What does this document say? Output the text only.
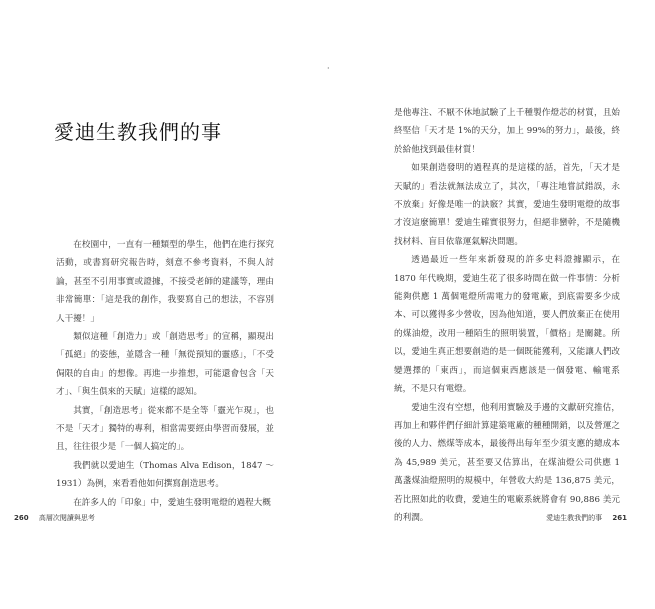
·
愛迪生教我們的事

在校園中，一直有一種類型的學生，他們在進行探究活動，或書寫研究報告時，刻意不參考資料，不與人討論，甚至不引用事實或證據，不接受老師的建議等，理由非常簡單：「這是我的創作，我要寫自己的想法，不容別人干擾！」

類似這種「創造力」或「創造思考」的宣稱，顯現出「孤絕」的姿態，並隱含一種「無從預知的靈感」，「不受侷限的自由」的想像。再進一步推想，可能還會包含「天才」、「與生俱來的天賦」這樣的認知。

其實，「創造思考」從來都不是全等「靈光乍現」，也不是「天才」獨特的專利，相當需要經由學習而發展，並且，往往很少是「一個人搞定的」。

我們就以愛迪生（Thomas Alva Edison，1847 ～ 1931）為例，來看看他如何撰寫創造思考。

在許多人的「印象」中，愛迪生發明電燈的過程大概

260 高層次閱讀與思考

是他專注、不厭不休地試驗了上千種製作燈芯的材質，且始終堅信「天才是 1%的天分，加上 99%的努力」，最後，終於給他找到最佳材質！

如果創造發明的過程真的是這樣的話，首先，「天才是天賦的」看法就無法成立了，其次，「專注地嘗試錯誤，永不放棄」好像是唯一的訣竅？其實，愛迪生發明電燈的故事才沒這麼簡單！愛迪生確實很努力，但絕非蠻幹，不是隨機找材料、盲目依靠運氣解決問題。

透過最近一些年來新發現的許多史料證據顯示，在 1870 年代晚期，愛迪生花了很多時間在做一件事情：分析能夠供應 1 萬個電燈所需電力的發電廠，到底需要多少成本、可以獲得多少營收，因為他知道，要人們放棄正在使用的煤油燈，改用一種陌生的照明裝置，「價格」是關鍵。所以，愛迪生真正想要創造的是一個既能獲利，又能讓人們改變選擇的「東西」，而這個東西應該是一個發電、輸電系統，不是只有電燈。

愛迪生沒有空想，他利用實驗及手邊的文獻研究推估，再加上和夥伴們仔細計算建築電廠的種種開銷，以及營運之後的人力、燃煤等成本，最後得出每年至少須支應的總成本為 45,989 美元，甚至要又估算出，在煤油燈公司供應 1 萬盞煤油燈照明的規模中，年營收大約是 136,875 美元，若比照如此的收費，愛迪生的電廠系統將會有 90,886 美元的利潤。	愛迪生教我們的事 261
